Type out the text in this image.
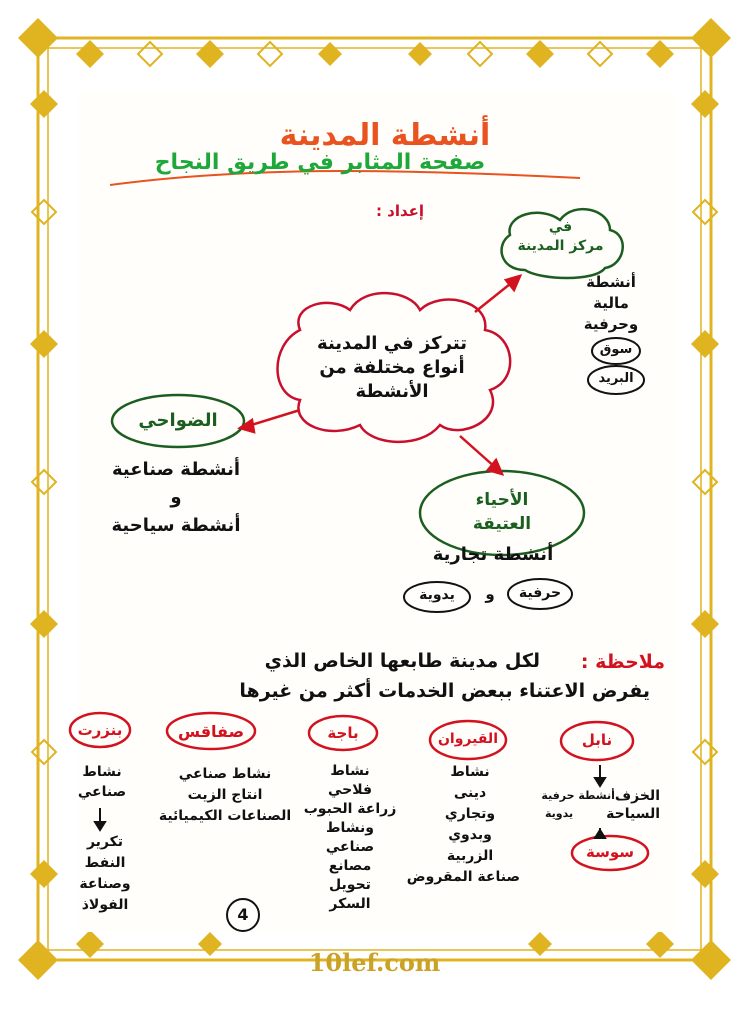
أنشطة المدينة
صفحة المثابر في طريق النجاح
إعداد :
تتركز في المدينة
أنواع مختلفة من
الأنشطة
في
مركز المدينة
أنشطة
مالية
وحرفية
سوق
البريد
الضواحي
أنشطة صناعية
و
أنشطة سياحية
الأحياء
العتيقة
أنشطة تجارية
يدوية	و	حرفية
ملاحظة :
لكل مدينة طابعها الخاص الذي
يفرض الاعتناء ببعض الخدمات أكثر من غيرها
نابل
الخزف
أنشطة حرفية
السياحة
يدوية
سوسة
القيروان
نشاط
دينى
وتجاري
وبدوي
الزربية
صناعة المقروض
باجة
نشاط
فلاحي
زراعة الحبوب
ونشاط
صناعي
مصانع
تحويل
السكر
صفاقس
نشاط صناعي
انتاج الزيت
الصناعات الكيميائية
بنزرت
نشاط
صناعي
تكرير
النفط
وصناعة
الفولاذ	4
10lef.com
